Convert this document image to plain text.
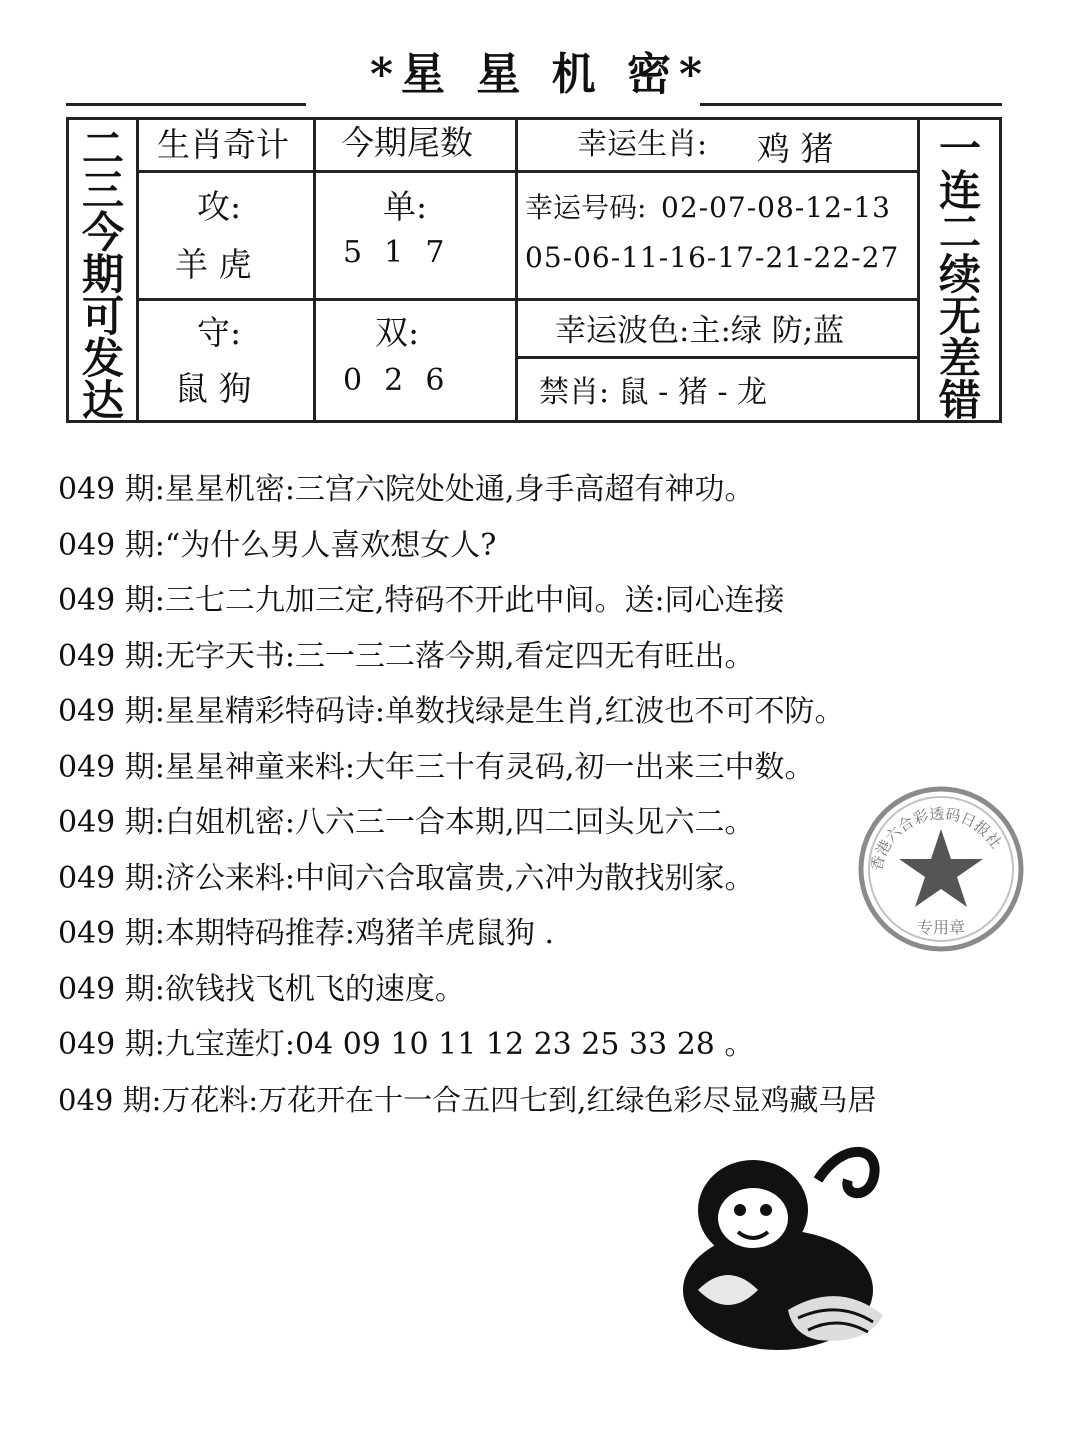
*星 星 机 密*
二
三
今
期
可
发
达
一
连
二
续
无
差
错
生肖奇计 今期尾数	幸运生肖: 鸡 猪
攻:
羊 虎
单:
5  1  7
幸运号码: 02-07-08-12-13
05-06-11-16-17-21-22-27
守:
鼠 狗
双:
0  2  6
幸运波色:主:绿 防;蓝
禁肖: 鼠 - 猪 - 龙
049 期:星星机密:三宫六院处处通,身手高超有神功。
049 期:“为什么男人喜欢想女人?
049 期:三七二九加三定,特码不开此中间。送:同心连接
049 期:无字天书:三一三二落今期,看定四无有旺出。
049 期:星星精彩特码诗:单数找绿是生肖,红波也不可不防。
049 期:星星神童来料:大年三十有灵码,初一出来三中数。
049 期:白姐机密:八六三一合本期,四二回头见六二。
049 期:济公来料:中间六合取富贵,六冲为散找别家。
049 期:本期特码推荐:鸡猪羊虎鼠狗 .
049 期:欲钱找飞机飞的速度。
049 期:九宝莲灯:04 09 10 11 12 23 25 33 28 。
049 期:万花料:万花开在十一合五四七到,红绿色彩尽显鸡藏马居
香港六合彩透码日报社
专用章
